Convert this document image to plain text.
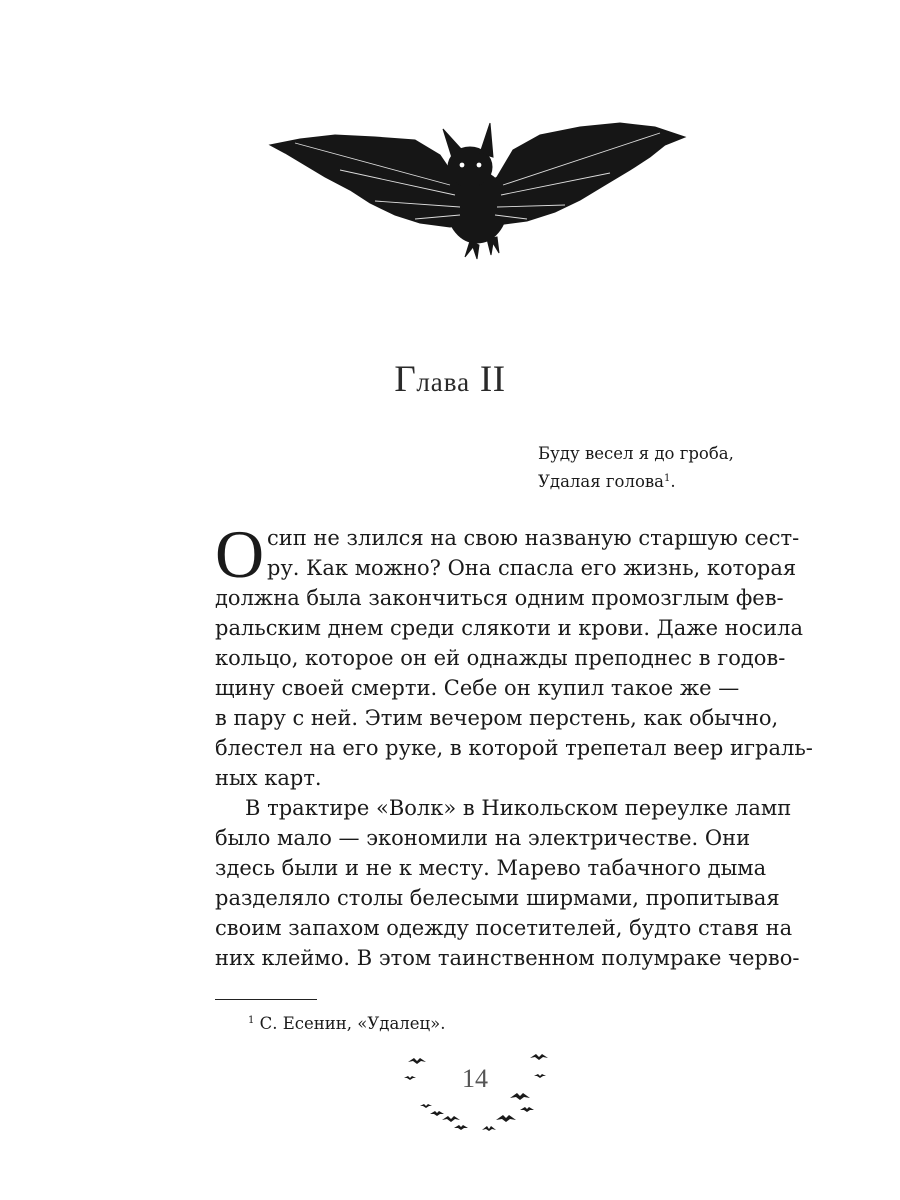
Глава II
Буду весел я до гроба,
Удалая голова$^1$.
О сип не злился на свою названую старшую сест-
ру. Как можно? Она спасла его жизнь, которая
должна была закончиться одним промозглым фев-
ральским днем среди слякоти и крови. Даже носила
кольцо, которое он ей однажды преподнес в годов-
щину своей смерти. Себе он купил такое же —
в пару с ней. Этим вечером перстень, как обычно,
блестел на его руке, в которой трепетал веер играль-
ных карт.
В трактире «Волк» в Никольском переулке ламп
было мало — экономили на электричестве. Они
здесь были и не к месту. Марево табачного дыма
разделяло столы белесыми ширмами, пропитывая
своим запахом одежду посетителей, будто ставя на
них клеймо. В этом таинственном полумраке черво-
$^1$ С. Есенин, «Удалец».
14
